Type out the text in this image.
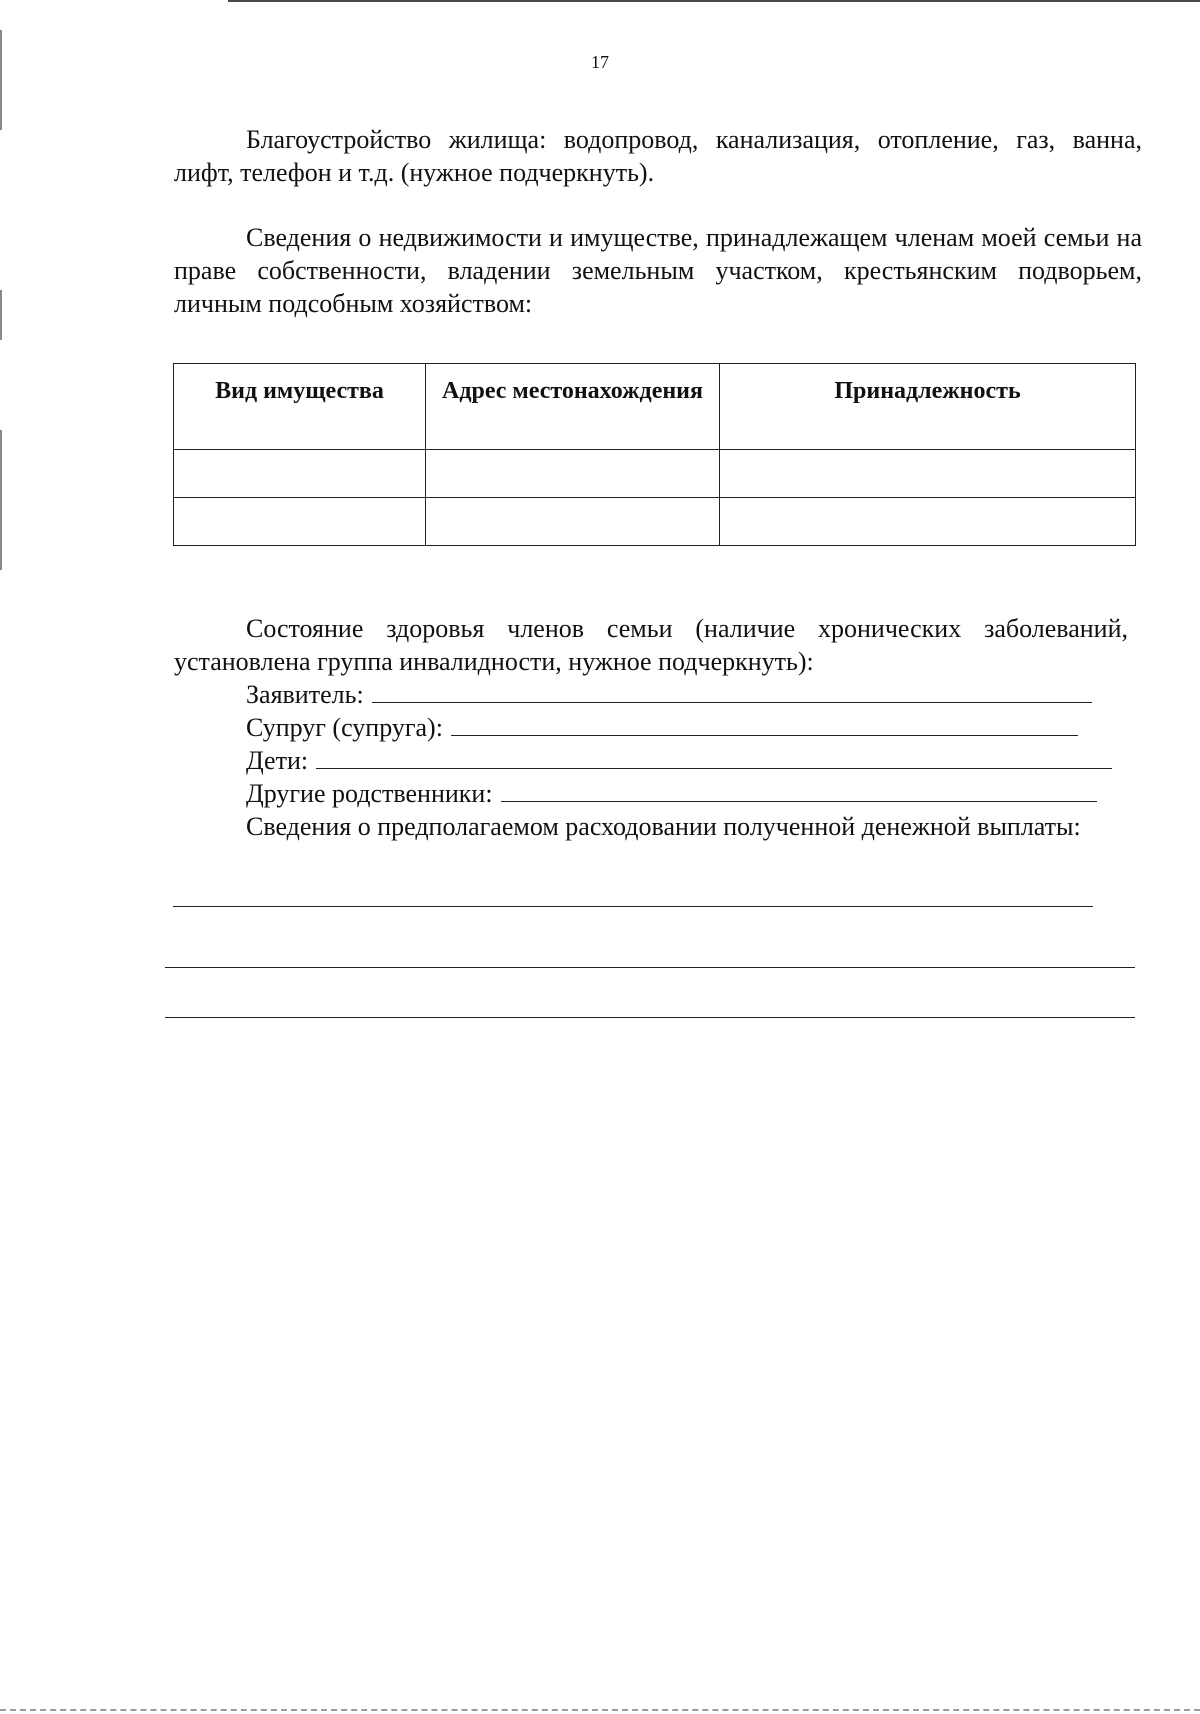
17

Благоустройство жилища: водопровод, канализация, отопление, газ, ванна, лифт, телефон и т.д. (нужное подчеркнуть).

Сведения о недвижимости и имуществе, принадлежащем членам моей семьи на праве собственности, владении земельным участком, крестьянским подворьем, личным подсобным хозяйством:

Вид имущества	Адрес местонахождения	Принадлежность

Состояние здоровья членов семьи (наличие хронических заболеваний, установлена группа инвалидности, нужное подчеркнуть):

Заявитель:
Супруг (супруга):
Дети:
Другие родственники:

Сведения о предполагаемом расходовании полученной денежной выплаты:
